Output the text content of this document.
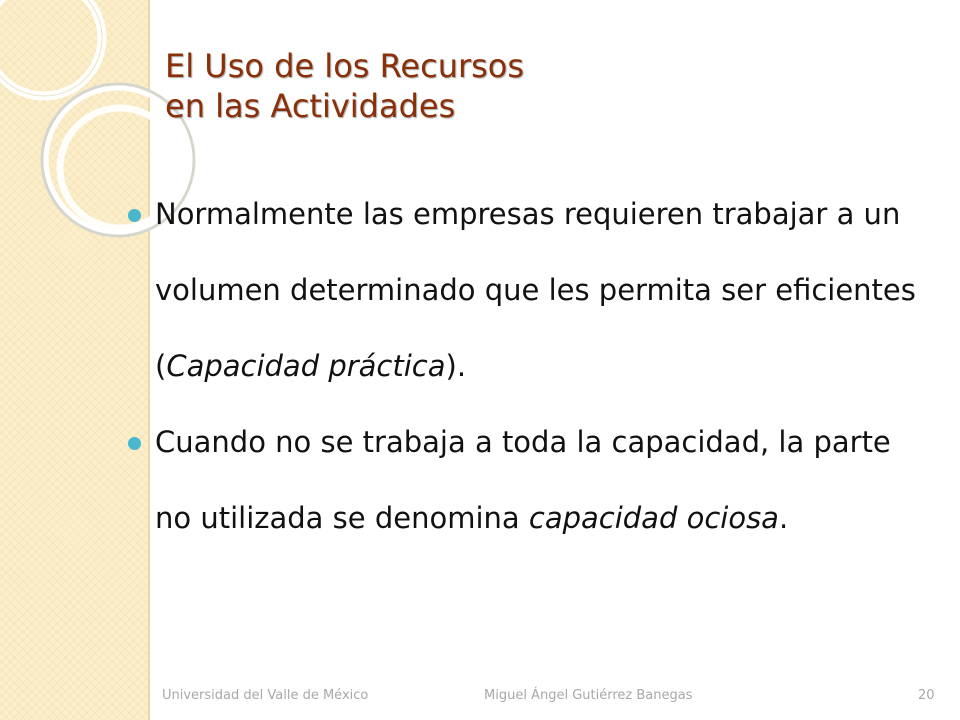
El Uso de los Recursos
en las Actividades
Normalmente las empresas requieren trabajar a un volumen determinado que les permita ser eficientes (Capacidad práctica).
Cuando no se trabaja a toda la capacidad, la parte no utilizada se denomina capacidad ociosa.
Universidad del Valle de México	Miguel Ángel Gutiérrez Banegas	20
